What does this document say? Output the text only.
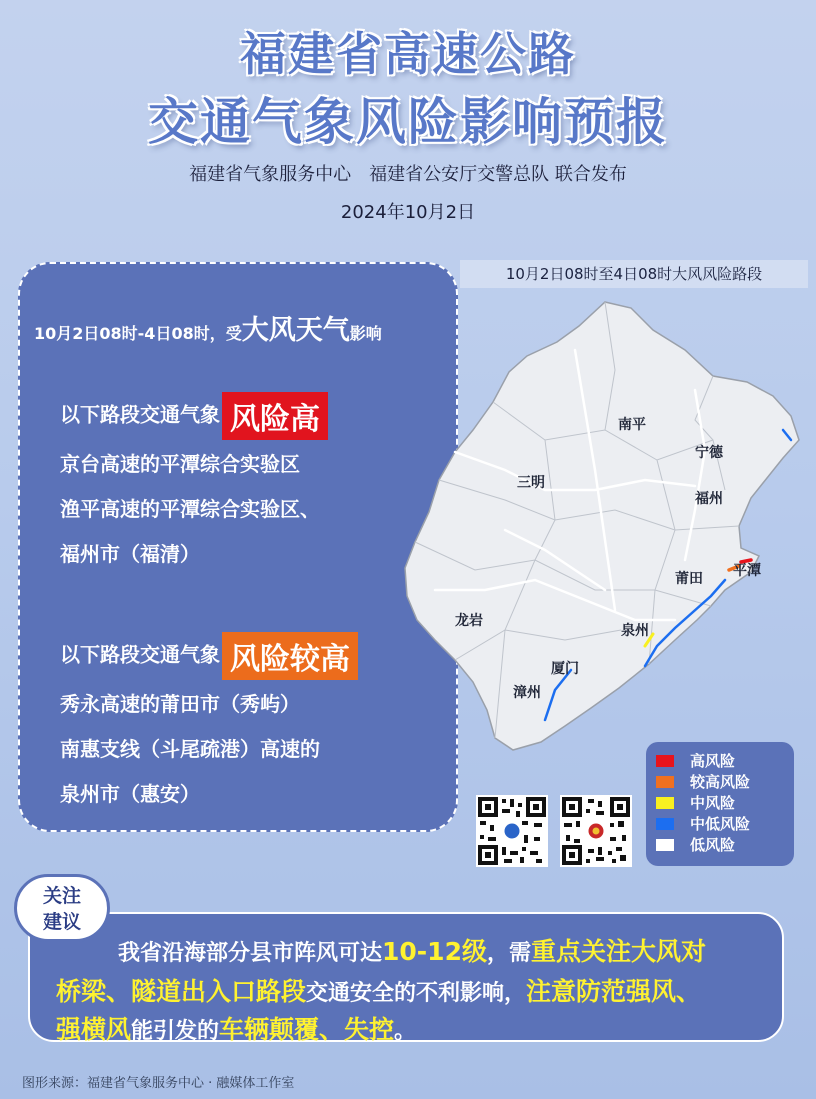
福建省高速公路
交通气象风险影响预报
福建省气象服务中心 福建省公安厅交警总队 联合发布
2024年10月2日
10月2日08时-4日08时，受大风天气影响
以下路段交通气象 风险高
京台高速的平潭综合实验区
渔平高速的平潭综合实验区、
福州市（福清）
以下路段交通气象 风险较高
秀永高速的莆田市（秀屿）
南惠支线（斗尾疏港）高速的
泉州市（惠安）
10月2日08时至4日08时大风风险路段
南平
宁德
三明
福州
莆田 平潭
龙岩
泉州
厦门
漳州
高风险
较高风险
中风险
中低风险
低风险
我省沿海部分县市阵风可达10-12级，需重点关注大风对
桥梁、隧道出入口路段交通安全的不利影响，注意防范强风、
强横风能引发的车辆颠覆、失控。
关注
建议
图形来源：福建省气象服务中心 · 融媒体工作室
